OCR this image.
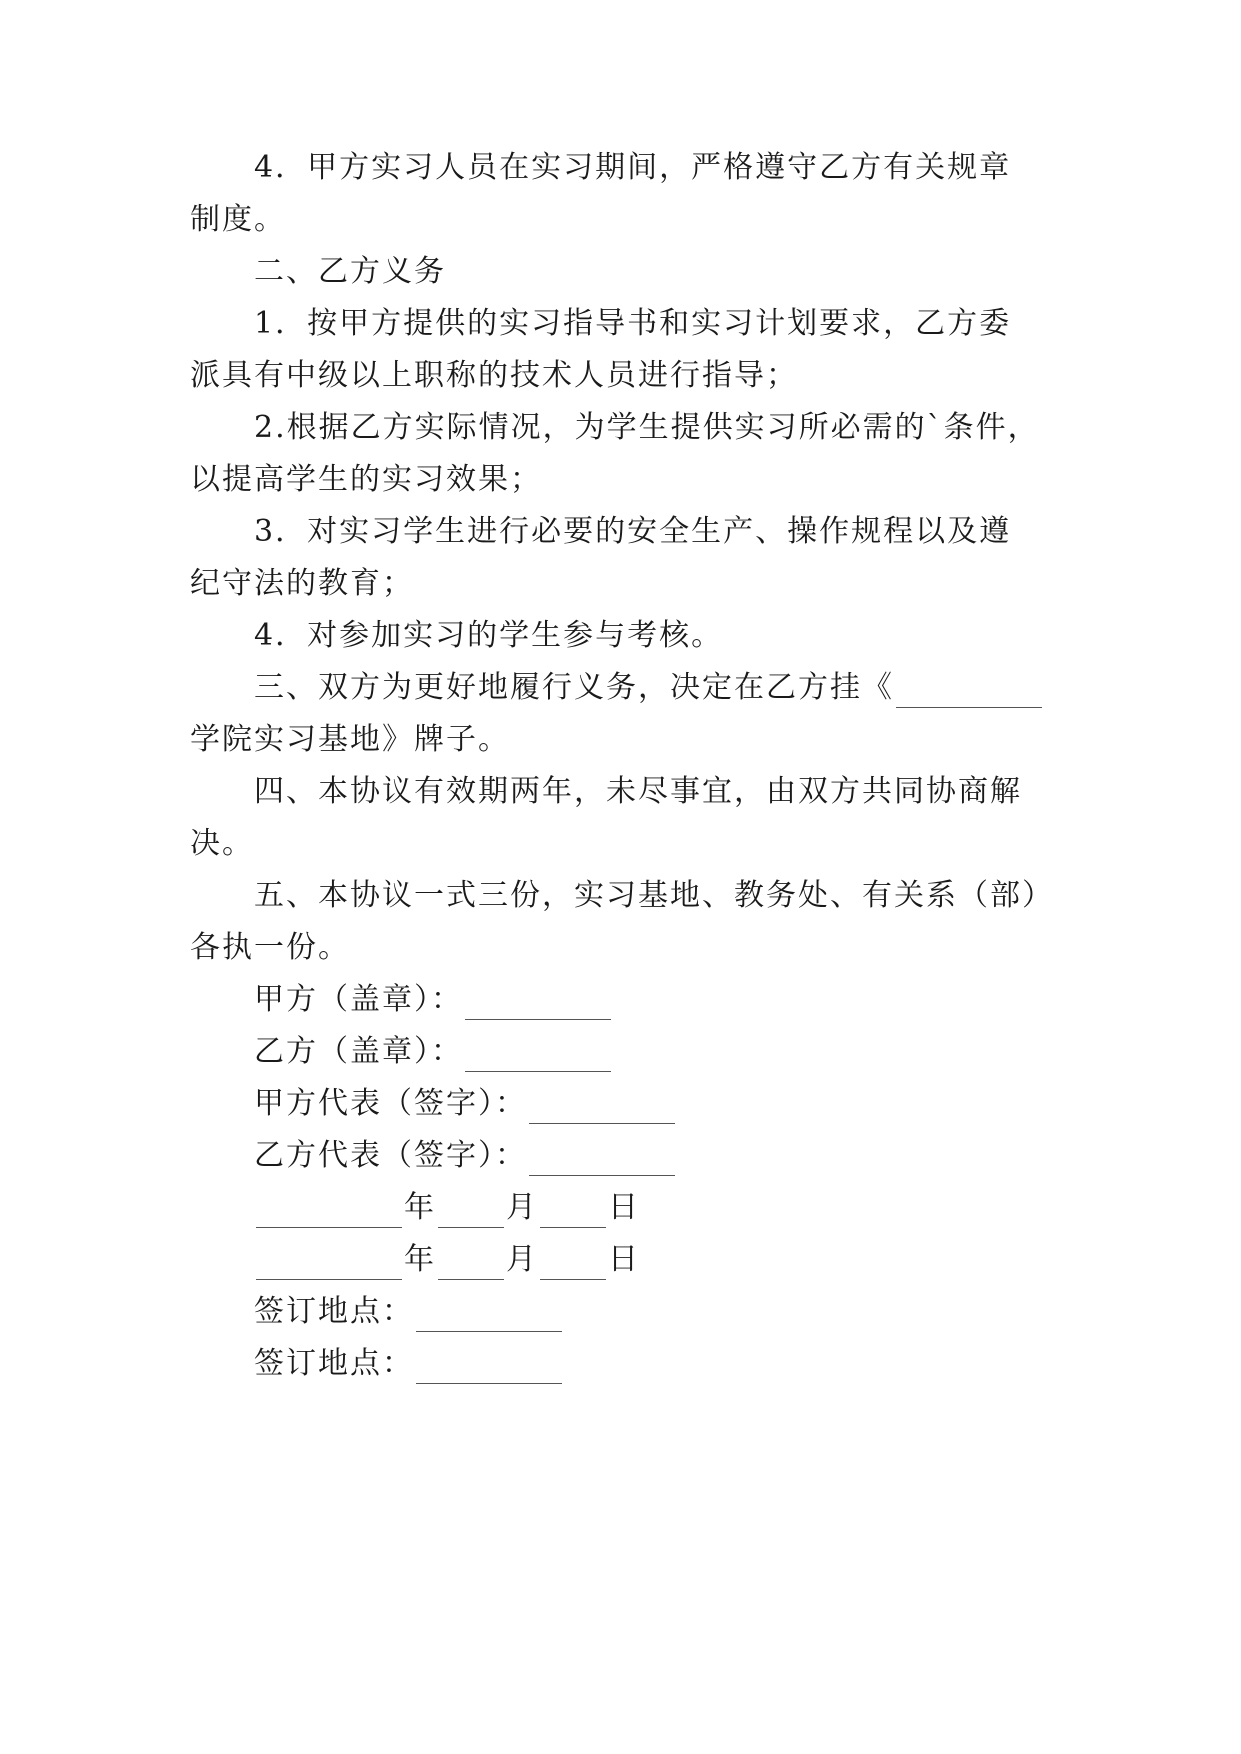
4．甲方实习人员在实习期间，严格遵守乙方有关规章
制度。
二、乙方义务
1．按甲方提供的实习指导书和实习计划要求，乙方委
派具有中级以上职称的技术人员进行指导；
2.根据乙方实际情况，为学生提供实习所必需的`条件，
以提高学生的实习效果；
3．对实习学生进行必要的安全生产、操作规程以及遵
纪守法的教育；
4．对参加实习的学生参与考核。
三、双方为更好地履行义务，决定在乙方挂《
学院实习基地》牌子。
四、本协议有效期两年，未尽事宜，由双方共同协商解
决。
五、本协议一式三份，实习基地、教务处、有关系（部）
各执一份。
甲方（盖章）：
乙方（盖章）：
甲方代表（签字）：
乙方代表（签字）：
年 月 日
年 月 日
签订地点：
签订地点：
